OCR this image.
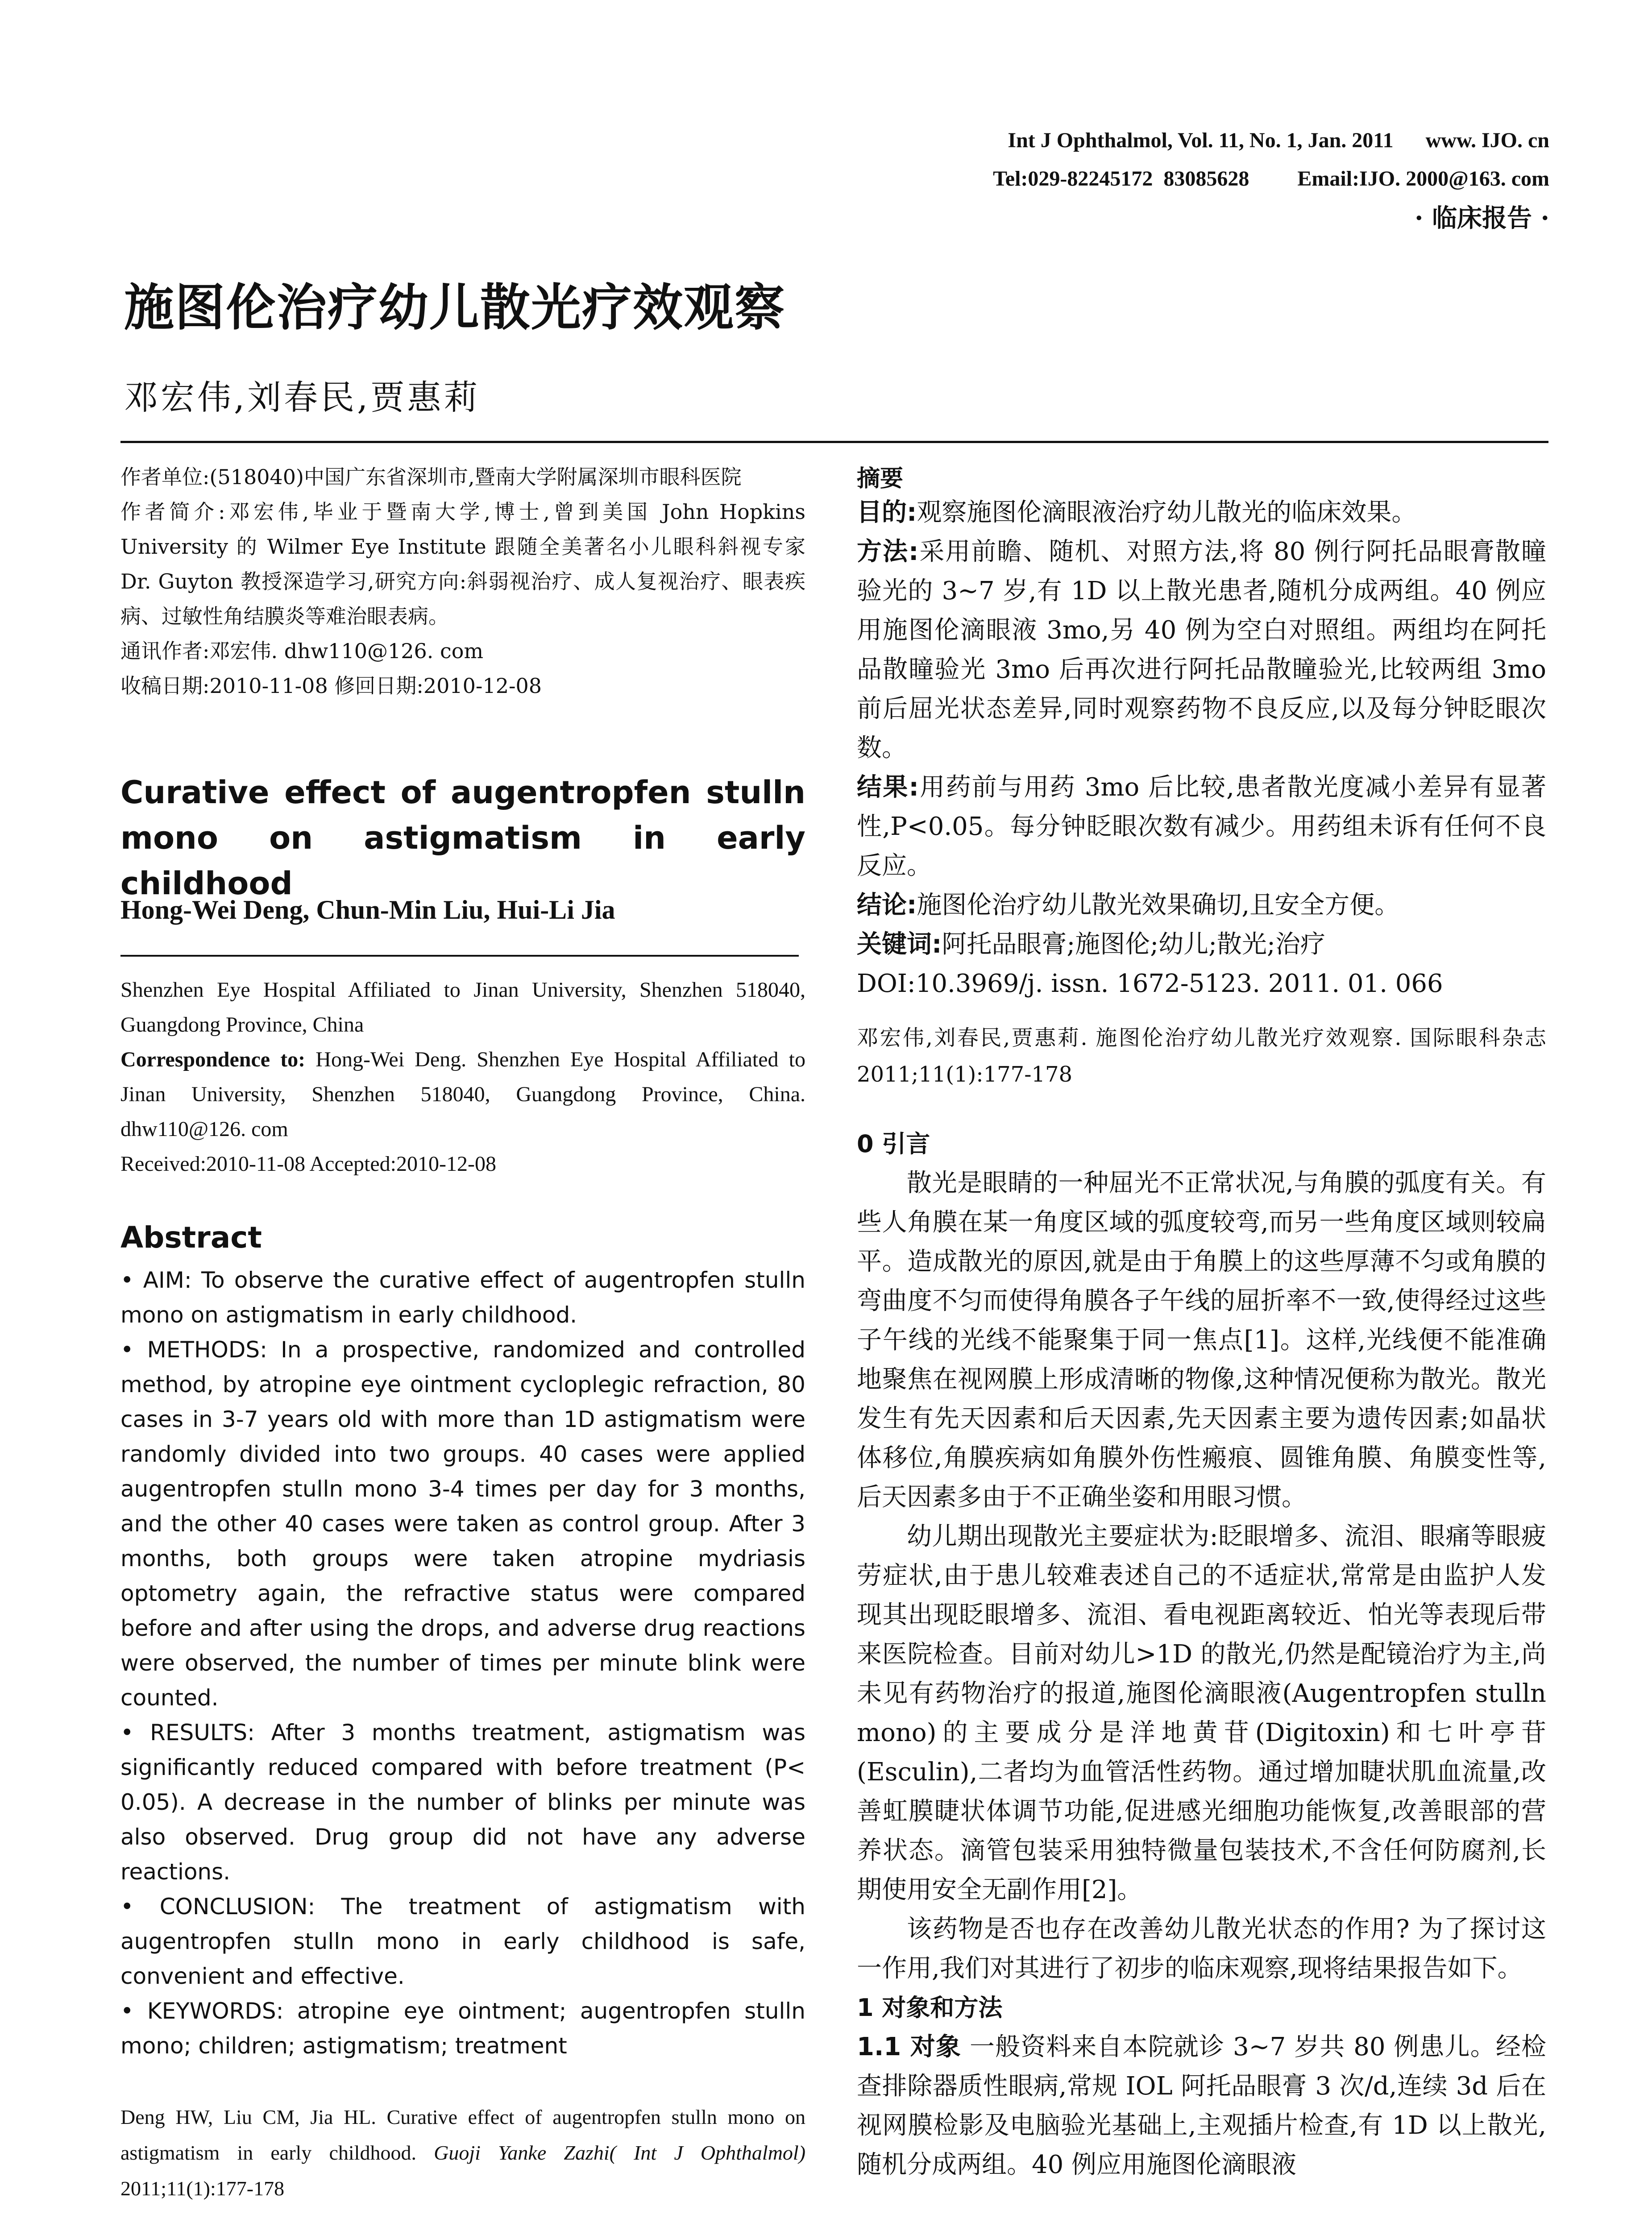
Int J Ophthalmol, Vol. 11, No. 1, Jan. 2011 www. IJO. cn

Tel:029-82245172  83085628 Email:IJO. 2000@163. com

· 临床报告 ·
施图伦治疗幼儿散光疗效观察
邓宏伟,刘春民,贾惠莉

作者单位:(518040)中国广东省深圳市,暨南大学附属深圳市眼科医院

作者简介:邓宏伟,毕业于暨南大学,博士,曾到美国 John Hopkins University 的 Wilmer Eye Institute 跟随全美著名小儿眼科斜视专家 Dr. Guyton 教授深造学习,研究方向:斜弱视治疗、成人复视治疗、眼表疾病、过敏性角结膜炎等难治眼表病。

通讯作者:邓宏伟. dhw110@126. com

收稿日期:2010-11-08 修回日期:2010-12-08

Curative effect of augentropfen stulln mono on astigmatism in early childhood
Hong-Wei Deng, Chun-Min Liu, Hui-Li Jia

Shenzhen Eye Hospital Affiliated to Jinan University, Shenzhen 518040, Guangdong Province, China

Correspondence to: Hong-Wei Deng. Shenzhen Eye Hospital Affiliated to Jinan University, Shenzhen 518040, Guangdong Province, China. dhw110@126. com

Received:2010-11-08 Accepted:2010-12-08

Abstract

• AIM: To observe the curative effect of augentropfen stulln mono on astigmatism in early childhood.

• METHODS: In a prospective, randomized and controlled method, by atropine eye ointment cycloplegic refraction, 80 cases in 3-7 years old with more than 1D astigmatism were randomly divided into two groups. 40 cases were applied augentropfen stulln mono 3-4 times per day for 3 months, and the other 40 cases were taken as control group. After 3 months, both groups were taken atropine mydriasis optometry again, the refractive status were compared before and after using the drops, and adverse drug reactions were observed, the number of times per minute blink were counted.

• RESULTS: After 3 months treatment, astigmatism was significantly reduced compared with before treatment (P< 0.05). A decrease in the number of blinks per minute was also observed. Drug group did not have any adverse reactions.

• CONCLUSION: The treatment of astigmatism with augentropfen stulln mono in early childhood is safe, convenient and effective.

• KEYWORDS: atropine eye ointment; augentropfen stulln mono; children; astigmatism; treatment

Deng HW, Liu CM, Jia HL. Curative effect of augentropfen stulln mono on astigmatism in early childhood. Guoji Yanke Zazhi( Int J Ophthalmol) 2011;11(1):177-178
摘要

目的:观察施图伦滴眼液治疗幼儿散光的临床效果。

方法:采用前瞻、随机、对照方法,将 80 例行阿托品眼膏散瞳验光的 3~7 岁,有 1D 以上散光患者,随机分成两组。40 例应用施图伦滴眼液 3mo,另 40 例为空白对照组。两组均在阿托品散瞳验光 3mo 后再次进行阿托品散瞳验光,比较两组 3mo 前后屈光状态差异,同时观察药物不良反应,以及每分钟眨眼次数。

结果:用药前与用药 3mo 后比较,患者散光度减小差异有显著性,P<0.05。每分钟眨眼次数有减少。用药组未诉有任何不良反应。

结论:施图伦治疗幼儿散光效果确切,且安全方便。

关键词:阿托品眼膏;施图伦;幼儿;散光;治疗

DOI:10.3969/j. issn. 1672-5123. 2011. 01. 066

邓宏伟,刘春民,贾惠莉. 施图伦治疗幼儿散光疗效观察. 国际眼科杂志 2011;11(1):177-178
0 引言

散光是眼睛的一种屈光不正常状况,与角膜的弧度有关。有些人角膜在某一角度区域的弧度较弯,而另一些角度区域则较扁平。造成散光的原因,就是由于角膜上的这些厚薄不匀或角膜的弯曲度不匀而使得角膜各子午线的屈折率不一致,使得经过这些子午线的光线不能聚集于同一焦点[1]。这样,光线便不能准确地聚焦在视网膜上形成清晰的物像,这种情况便称为散光。散光发生有先天因素和后天因素,先天因素主要为遗传因素;如晶状体移位,角膜疾病如角膜外伤性瘢痕、圆锥角膜、角膜变性等,后天因素多由于不正确坐姿和用眼习惯。

幼儿期出现散光主要症状为:眨眼增多、流泪、眼痛等眼疲劳症状,由于患儿较难表述自己的不适症状,常常是由监护人发现其出现眨眼增多、流泪、看电视距离较近、怕光等表现后带来医院检查。目前对幼儿>1D 的散光,仍然是配镜治疗为主,尚未见有药物治疗的报道,施图伦滴眼液(Augentropfen stulln mono)的主要成分是洋地黄苷(Digitoxin)和七叶亭苷(Esculin),二者均为血管活性药物。通过增加睫状肌血流量,改善虹膜睫状体调节功能,促进感光细胞功能恢复,改善眼部的营养状态。滴管包装采用独特微量包装技术,不含任何防腐剂,长期使用安全无副作用[2]。

该药物是否也存在改善幼儿散光状态的作用? 为了探讨这一作用,我们对其进行了初步的临床观察,现将结果报告如下。

1 对象和方法

1.1 对象 一般资料来自本院就诊 3~7 岁共 80 例患儿。经检查排除器质性眼病,常规 IOL 阿托品眼膏 3 次/d,连续 3d 后在视网膜检影及电脑验光基础上,主观插片检查,有 1D 以上散光,随机分成两组。40 例应用施图伦滴眼液
